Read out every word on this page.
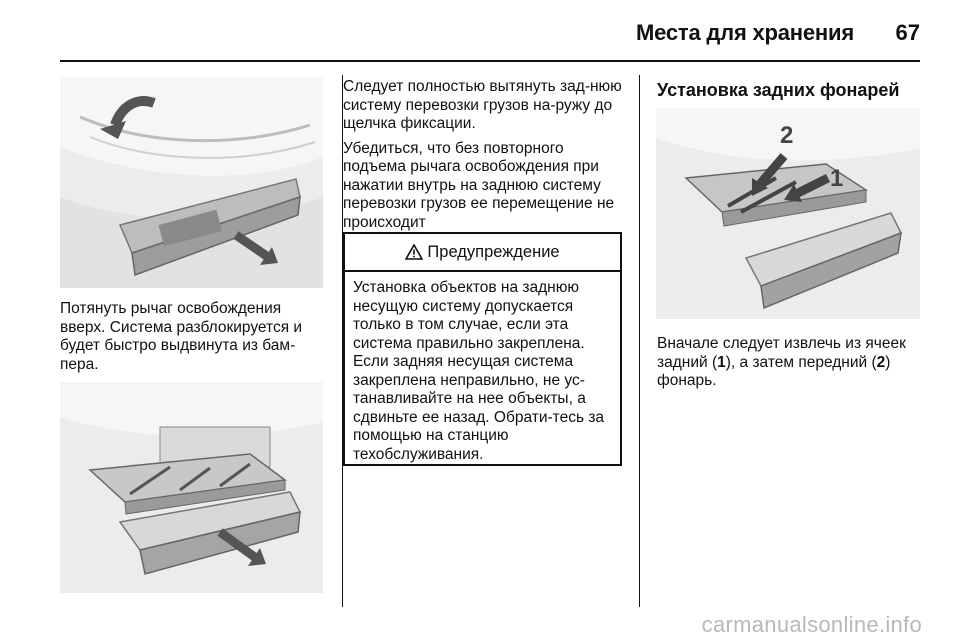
Места для хранения 67

Потянуть рычаг освобождения вверх. Система разблокируется и будет быстро выдвинута из бам-пера.

Следует полностью вытянуть зад-нюю систему перевозки грузов на-ружу до щелчка фиксации.

Убедиться, что без повторного подъема рычага освобождения при нажатии внутрь на заднюю систему перевозки грузов ее перемещение не происходит

Предупреждение
Установка объектов на заднюю несущую систему допускается только в том случае, если эта система правильно закреплена. Если задняя несущая система закреплена неправильно, не ус-танавливайте на нее объекты, а сдвиньте ее назад. Обрати-тесь за помощью на станцию техобслуживания.
Установка задних фонарей
2
1

Вначале следует извлечь из ячеек задний (1), а затем передний (2) фонарь.

carmanualsonline.info
